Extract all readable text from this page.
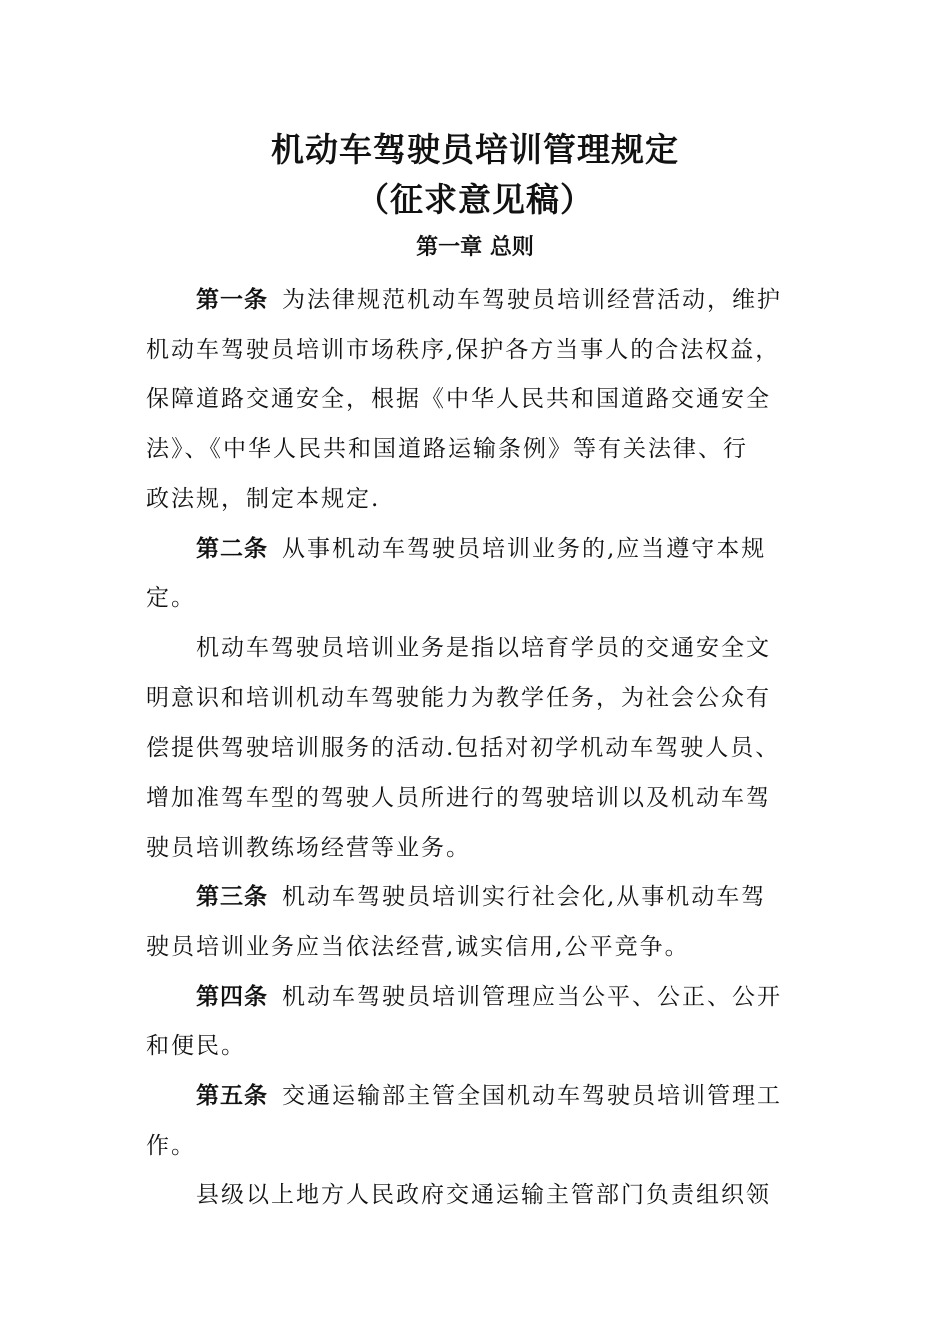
机动车驾驶员培训管理规定
（征求意见稿）
第一章 总则
第一条 为法律规范机动车驾驶员培训经营活动，维护
机动车驾驶员培训市场秩序,保护各方当事人的合法权益，
保障道路交通安全，根据《中华人民共和国道路交通安全
法》、《中华人民共和国道路运输条例》等有关法律、行
政法规，制定本规定.
第二条 从事机动车驾驶员培训业务的,应当遵守本规
定。
机动车驾驶员培训业务是指以培育学员的交通安全文
明意识和培训机动车驾驶能力为教学任务，为社会公众有
偿提供驾驶培训服务的活动.包括对初学机动车驾驶人员、
增加准驾车型的驾驶人员所进行的驾驶培训以及机动车驾
驶员培训教练场经营等业务。
第三条 机动车驾驶员培训实行社会化,从事机动车驾
驶员培训业务应当依法经营,诚实信用,公平竞争。
第四条 机动车驾驶员培训管理应当公平、公正、公开
和便民。
第五条 交通运输部主管全国机动车驾驶员培训管理工
作。
县级以上地方人民政府交通运输主管部门负责组织领
